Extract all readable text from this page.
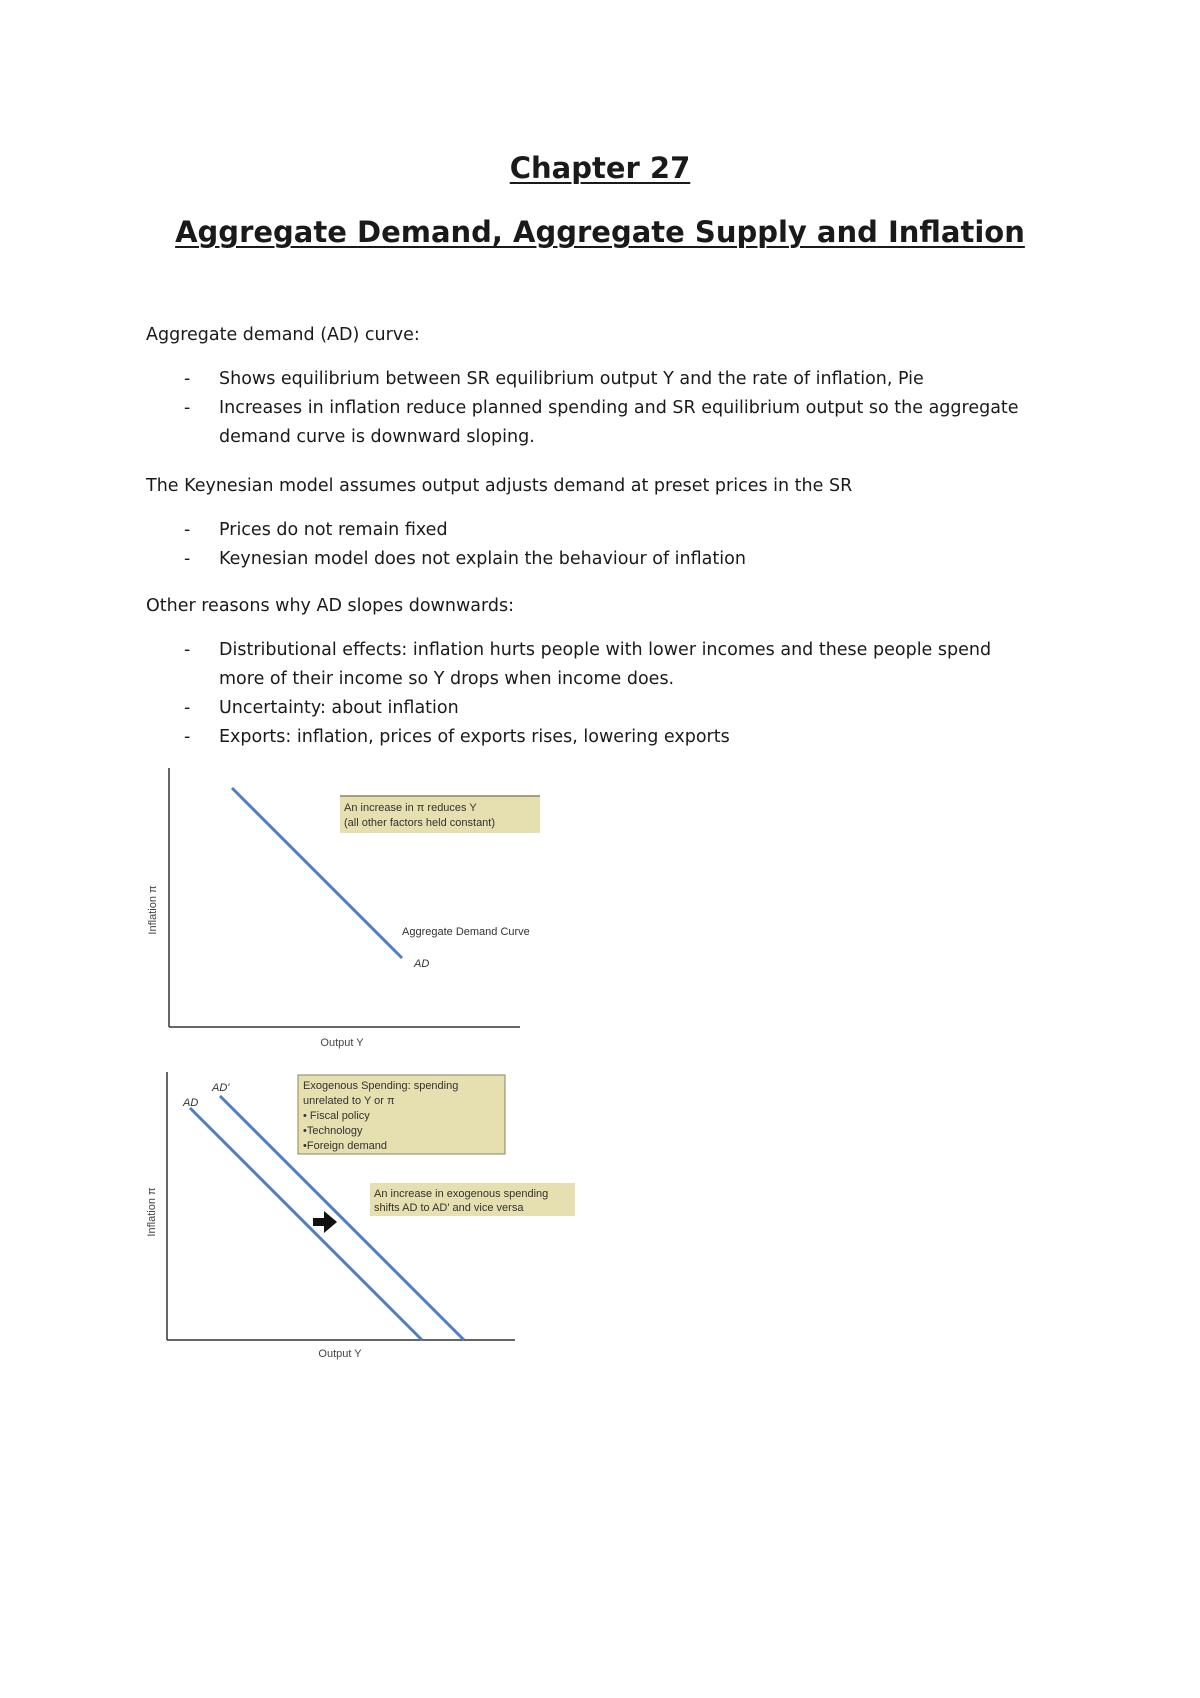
Chapter 27
Aggregate Demand, Aggregate Supply and Inflation

Aggregate demand (AD) curve:

- Shows equilibrium between SR equilibrium output Y and the rate of inflation, Pie
- Increases in inflation reduce planned spending and SR equilibrium output so the aggregate
demand curve is downward sloping.

The Keynesian model assumes output adjusts demand at preset prices in the SR

- Prices do not remain fixed
- Keynesian model does not explain the behaviour of inflation

Other reasons why AD slopes downwards:

- Distributional effects: inflation hurts people with lower incomes and these people spend
more of their income so Y drops when income does.
- Uncertainty: about inflation
- Exports: inflation, prices of exports rises, lowering exports
Inflation π
Output Y
An increase in π reduces Y
(all other factors held constant)
Aggregate Demand Curve
AD
Inflation π
Output Y
AD
AD'	Exogenous Spending: spending
unrelated to Y or π
• Fiscal policy
•Technology
•Foreign demand
An increase in exogenous spending
shifts AD to AD' and vice versa
